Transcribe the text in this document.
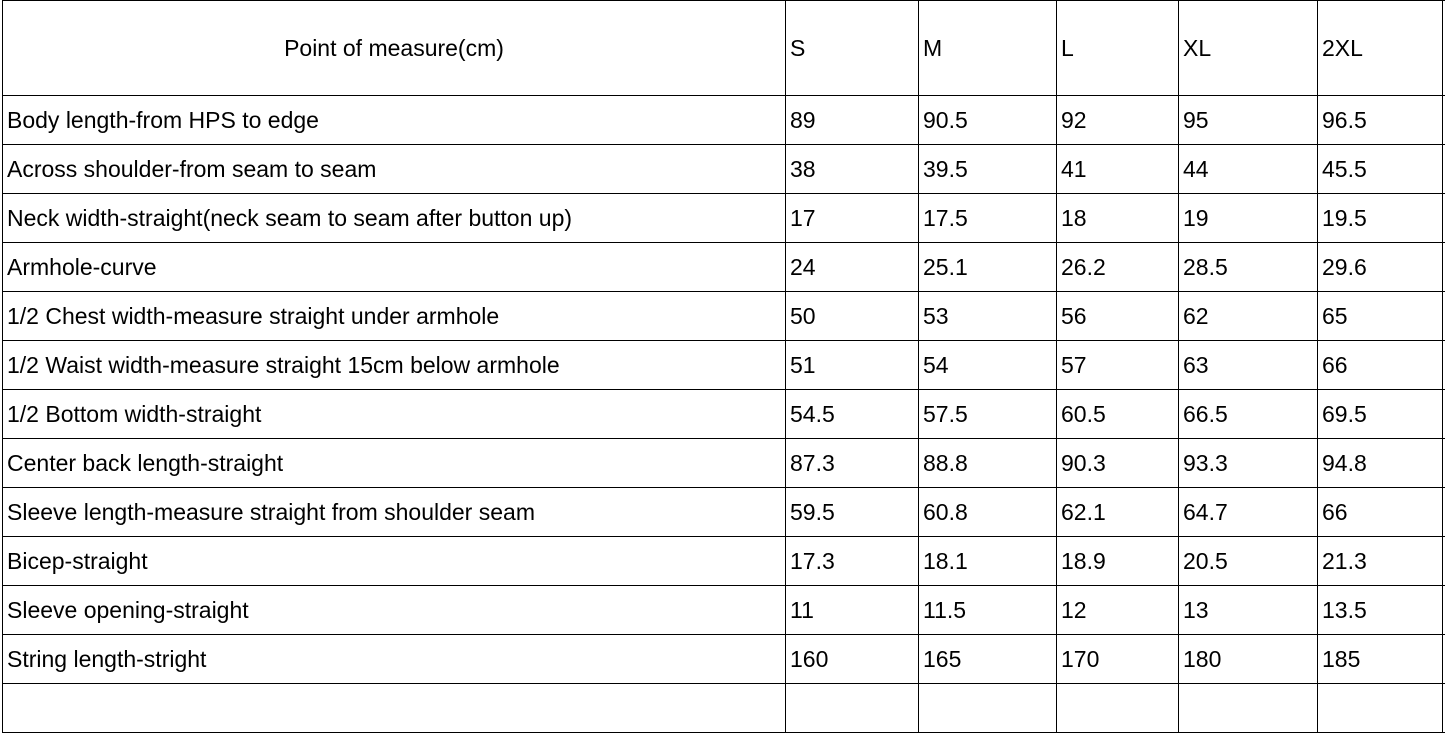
Point of measure(cm)	S	M	L	XL	2XL	
Body length-from HPS to edge	89	90.5	92	95	96.5	
Across shoulder-from seam to seam	38	39.5	41	44	45.5	
Neck width-straight(neck seam to seam after button up)	17	17.5	18	19	19.5	
Armhole-curve	24	25.1	26.2	28.5	29.6	
1/2 Chest width-measure straight under armhole	50	53	56	62	65	
1/2 Waist width-measure straight 15cm below armhole	51	54	57	63	66	
1/2 Bottom width-straight	54.5	57.5	60.5	66.5	69.5	
Center back length-straight	87.3	88.8	90.3	93.3	94.8	
Sleeve length-measure straight from shoulder seam	59.5	60.8	62.1	64.7	66	
Bicep-straight	17.3	18.1	18.9	20.5	21.3	
Sleeve opening-straight	11	11.5	12	13	13.5	
String length-stright	160	165	170	180	185	
